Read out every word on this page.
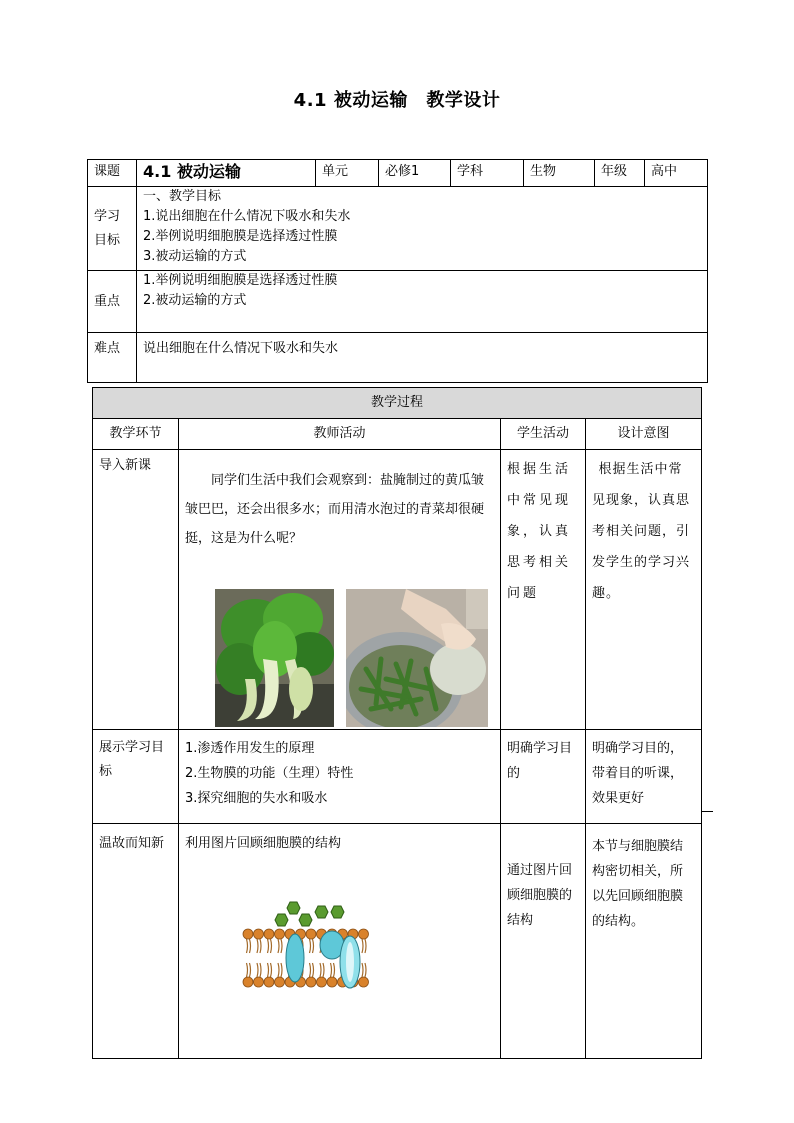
4.1 被动运输　教学设计
课题	4.1 被动运输	单元	必修1	学科	生物	年级	高中

学习目标	一、教学目标
1.说出细胞在什么情况下吸水和失水
2.举例说明细胞膜是选择透过性膜
3.被动运输的方式						

重点	1.举例说明细胞膜是选择透过性膜
2.被动运输的方式						

难点	说出细胞在什么情况下吸水和失水						
教学过程			
教学环节	教师活动	学生活动	设计意图
导入新课	同学们生活中我们会观察到：盐腌制过的黄瓜皱皱巴巴，还会出很多水；而用清水泡过的青菜却很硬挺，这是为什么呢？	根据生活中常见现象，认真思考相关问题	根据生活中常见现象，认真思考相关问题，引发学生的学习兴趣。

展示学习目标	1.渗透作用发生的原理
2.生物膜的功能（生理）特性
3.探究细胞的失水和吸水	明确学习目的	明确学习目的，带着目的听课，效果更好
温故而知新	利用图片回顾细胞膜的结构	通过图片回顾细胞膜的结构	本节与细胞膜结构密切相关，所以先回顾细胞膜的结构。
